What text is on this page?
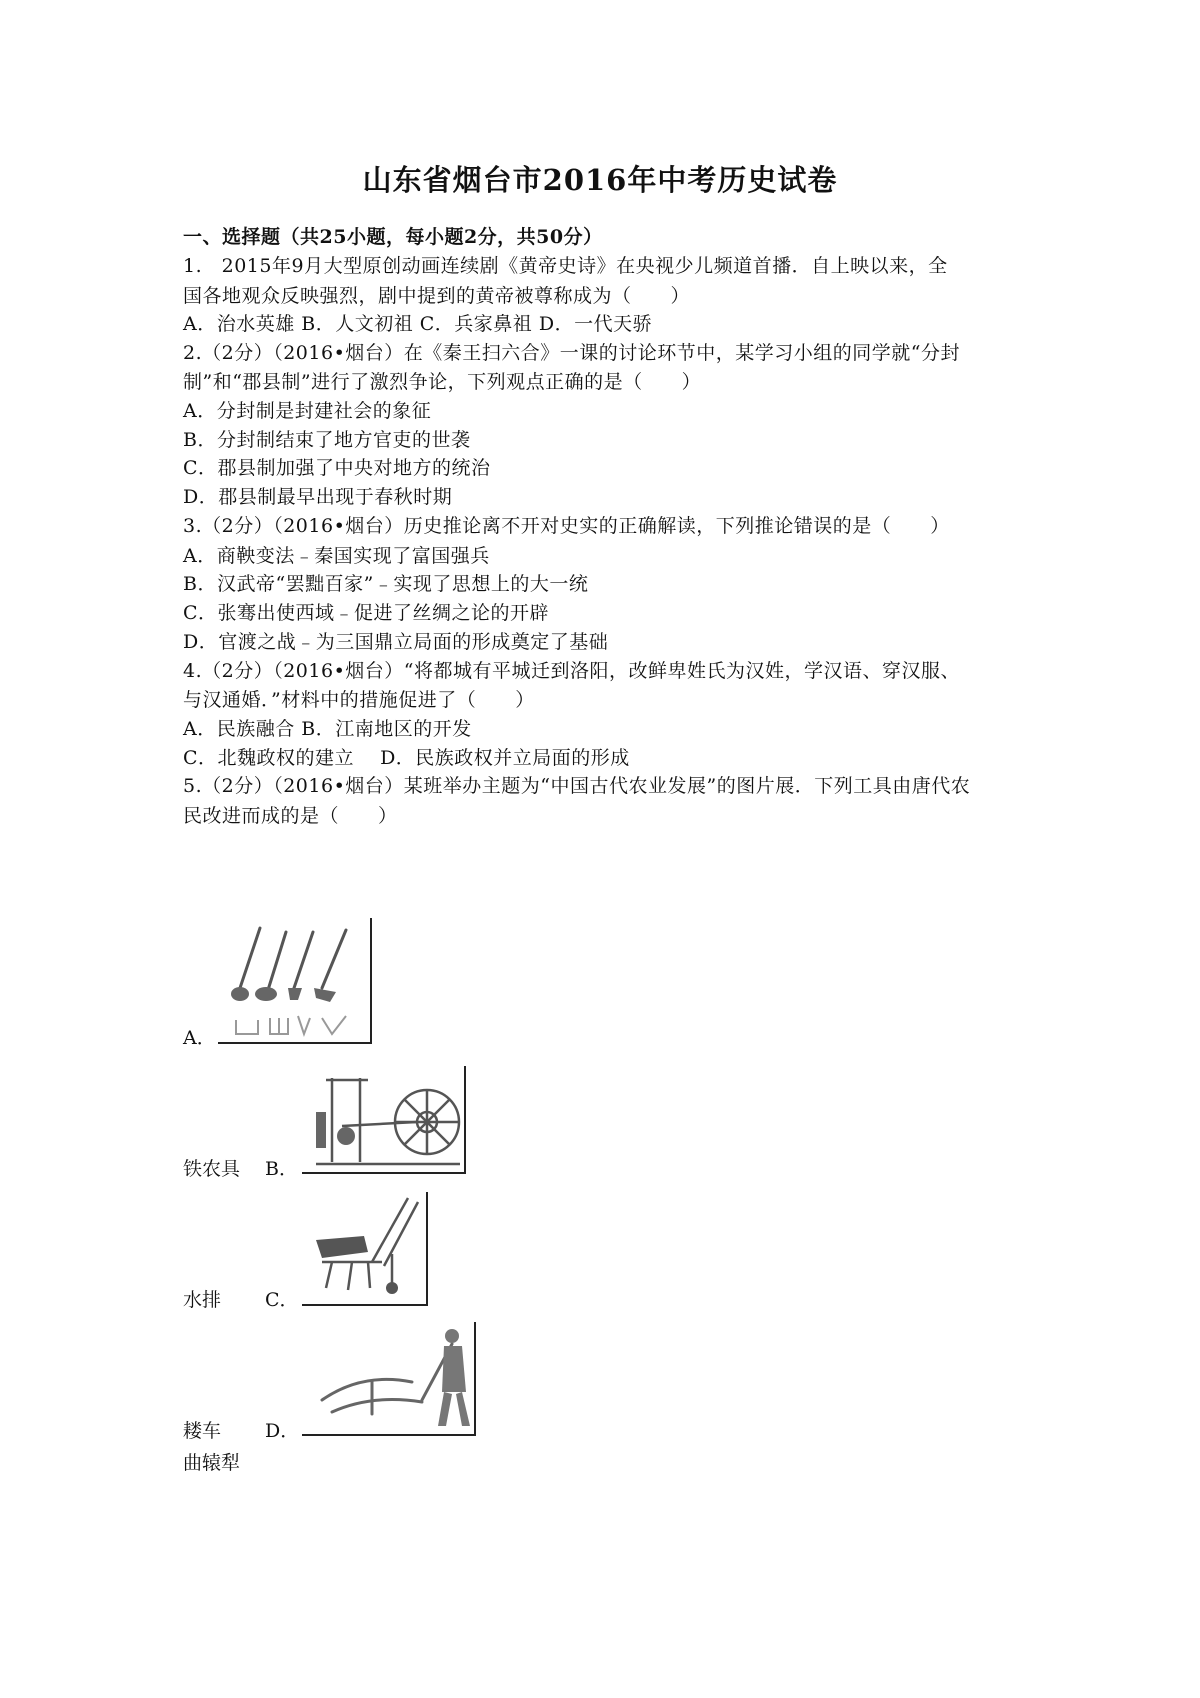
山东省烟台市2016年中考历史试卷
一、选择题（共25小题，每小题2分，共50分）
1.　2015年9月大型原创动画连续剧《黄帝史诗》在央视少儿频道首播．自上映以来，全
国各地观众反映强烈，剧中提到的黄帝被尊称成为（　　）
A．治水英雄 B．人文初祖 C．兵家鼻祖 D．一代天骄
2.（2分）（2016•烟台）在《秦王扫六合》一课的讨论环节中，某学习小组的同学就“分封
制”和“郡县制”进行了激烈争论，下列观点正确的是（　　）
A．分封制是封建社会的象征
B．分封制结束了地方官吏的世袭
C．郡县制加强了中央对地方的统治
D．郡县制最早出现于春秋时期
3.（2分）（2016•烟台）历史推论离不开对史实的正确解读，下列推论错误的是（　　）
A．商鞅变法﹣秦国实现了富国强兵
B．汉武帝“罢黜百家”﹣实现了思想上的大一统
C．张骞出使西域﹣促进了丝绸之论的开辟
D．官渡之战﹣为三国鼎立局面的形成奠定了基础
4.（2分）（2016•烟台）“将都城有平城迁到洛阳，改鲜卑姓氏为汉姓，学汉语、穿汉服、
与汉通婚．”材料中的措施促进了（　　）
A．民族融合 B．江南地区的开发
C．北魏政权的建立　 D．民族政权并立局面的形成
5.（2分）（2016•烟台）某班举办主题为“中国古代农业发展”的图片展．下列工具由唐代农
民改进而成的是（　　）
A．
铁农具 B．
水排 C．
耧车 D．
曲辕犁
